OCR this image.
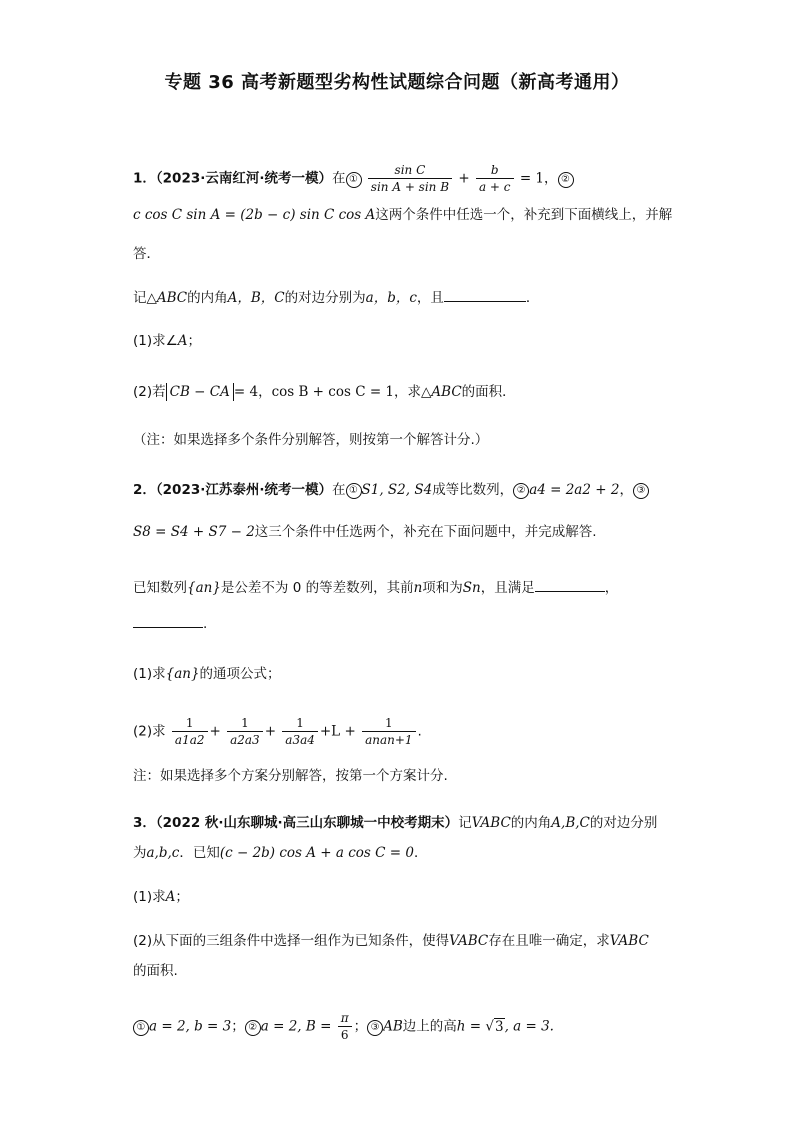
专题 36 高考新题型劣构性试题综合问题（新高考通用）
1．（2023·云南红河·统考一模）在 ① $\frac{\text{sin C}}{\text{sin A + sin B}} + \frac{b}{a + c} = 1$， ②
c cos C sin A = (2b − c) sin C cos A这两个条件中任选一个，补充到下面横线上，并解
答．
记△ABC的内角A，B，C的对边分别为a，b，c，且	．
(1)求∠A；
(2)若 CB − CA = 4，cos B + cos C = 1，求△ABC的面积．
（注：如果选择多个条件分别解答，则按第一个解答计分.）
2．（2023·江苏泰州·统考一模）在 ① S1, S2, S4成等比数列， ② a4 = 2a2 + 2， ③
S8 = S4 + S7 − 2这三个条件中任选两个，补充在下面问题中，并完成解答.
已知数列{an}是公差不为 0 的等差数列，其前n项和为Sn，且满足	，
.
(1)求{an}的通项公式；
(2)求 $\frac{1}{a1a2} + \frac{1}{a2a3} + \frac{1}{a3a4} +L + \frac{1}{\text{anan+1}}$ .
注：如果选择多个方案分别解答，按第一个方案计分.
3．（2022 秋·山东聊城·高三山东聊城一中校考期末）记VABC的内角A,B,C的对边分别
为a,b,c．已知(c − 2b) cos A + a cos C = 0．
(1)求A；
(2)从下面的三组条件中选择一组作为已知条件，使得VABC存在且唯一确定，求VABC
的面积.
① a = 2, b = 3； ② a = 2, $B = \frac{\pi}{6}$ ； ③ AB边上的高h = √3, a = 3.
